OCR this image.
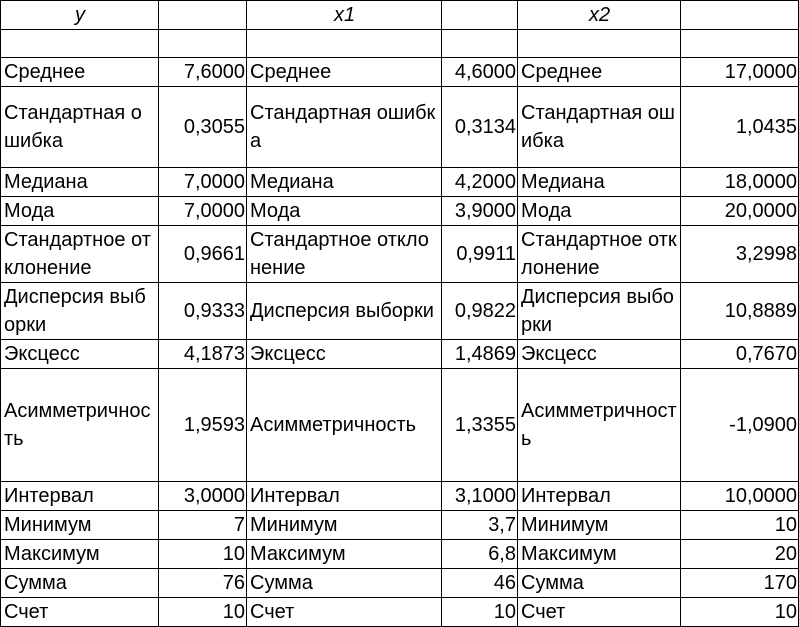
y		x1		x2	

Среднее	7,6000	Среднее	4,6000	Среднее	17,0000
Стандартная ошибка	0,3055	Стандартная ошибка	0,3134	Стандартная ошибка	1,0435
Медиана	7,0000	Медиана	4,2000	Медиана	18,0000
Мода	7,0000	Мода	3,9000	Мода	20,0000
Стандартное отклонение	0,9661	Стандартное отклонение	0,9911	Стандартное отклонение	3,2998
Дисперсия выборки	0,9333	Дисперсия выборки	0,9822	Дисперсия выборки	10,8889
Эксцесс	4,1873	Эксцесс	1,4869	Эксцесс	0,7670
Асимметричность	1,9593	Асимметричность	1,3355	Асимметричность	-1,0900
Интервал	3,0000	Интервал	3,1000	Интервал	10,0000
Минимум	7	Минимум	3,7	Минимум	10
Максимум	10	Максимум	6,8	Максимум	20
Сумма	76	Сумма	46	Сумма	170
Счет	10	Счет	10	Счет	10
